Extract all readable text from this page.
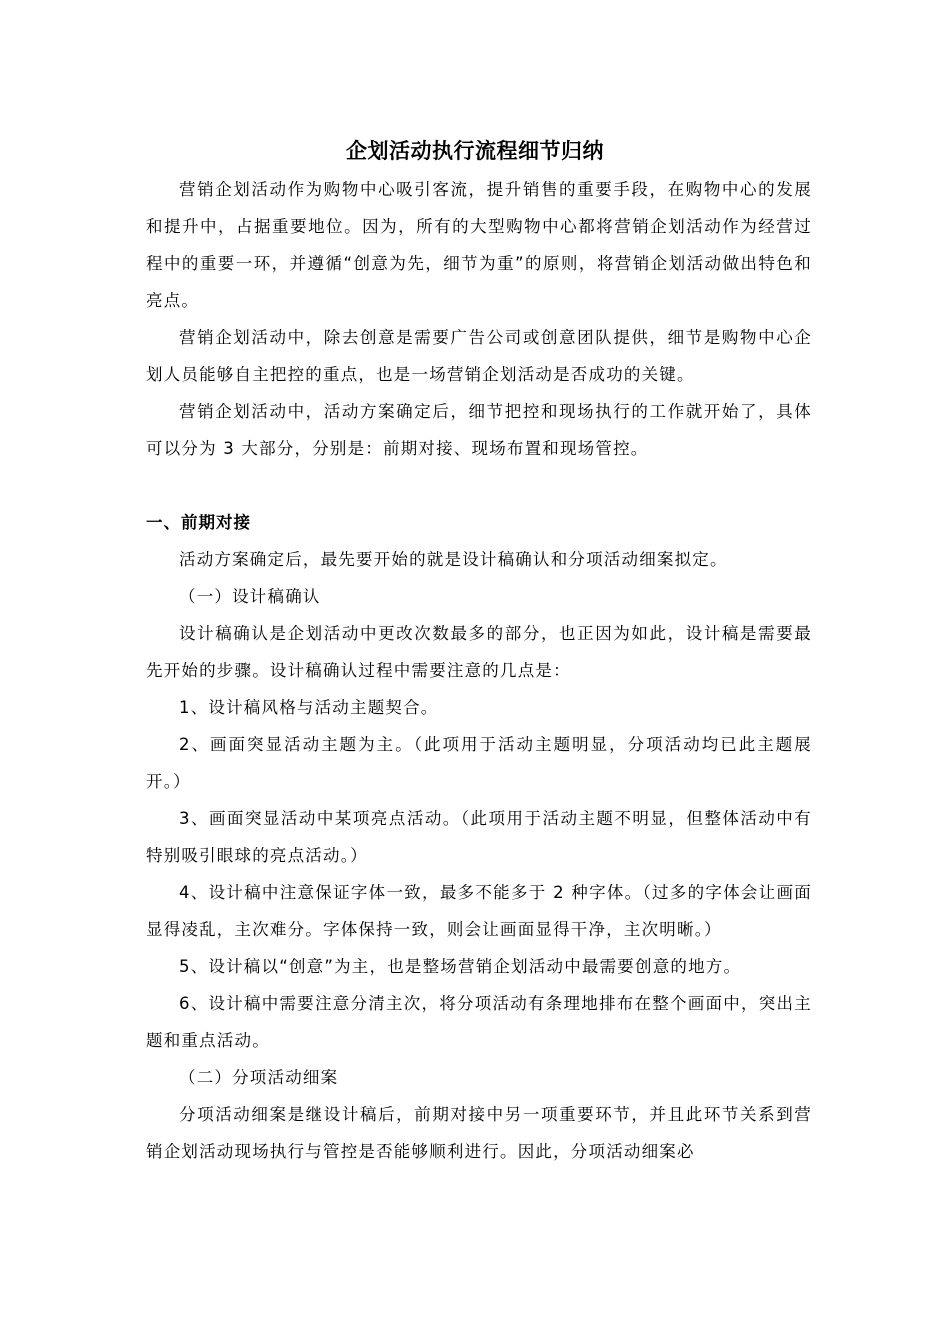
企划活动执行流程细节归纳

营销企划活动作为购物中心吸引客流，提升销售的重要手段，在购物中心的发展和提升中，占据重要地位。因为，所有的大型购物中心都将营销企划活动作为经营过程中的重要一环，并遵循“创意为先，细节为重”的原则，将营销企划活动做出特色和亮点。

营销企划活动中，除去创意是需要广告公司或创意团队提供，细节是购物中心企划人员能够自主把控的重点，也是一场营销企划活动是否成功的关键。

营销企划活动中，活动方案确定后，细节把控和现场执行的工作就开始了，具体可以分为 3 大部分，分别是：前期对接、现场布置和现场管控。

一、前期对接

活动方案确定后，最先要开始的就是设计稿确认和分项活动细案拟定。

（一）设计稿确认

设计稿确认是企划活动中更改次数最多的部分，也正因为如此，设计稿是需要最先开始的步骤。设计稿确认过程中需要注意的几点是：

1、设计稿风格与活动主题契合。

2、画面突显活动主题为主。（此项用于活动主题明显，分项活动均已此主题展开。）

3、画面突显活动中某项亮点活动。（此项用于活动主题不明显，但整体活动中有特别吸引眼球的亮点活动。）

4、设计稿中注意保证字体一致，最多不能多于 2 种字体。（过多的字体会让画面显得凌乱，主次难分。字体保持一致，则会让画面显得干净，主次明晰。）

5、设计稿以“创意”为主，也是整场营销企划活动中最需要创意的地方。

6、设计稿中需要注意分清主次，将分项活动有条理地排布在整个画面中，突出主题和重点活动。

（二）分项活动细案

分项活动细案是继设计稿后，前期对接中另一项重要环节，并且此环节关系到营销企划活动现场执行与管控是否能够顺利进行。因此，分项活动细案必
